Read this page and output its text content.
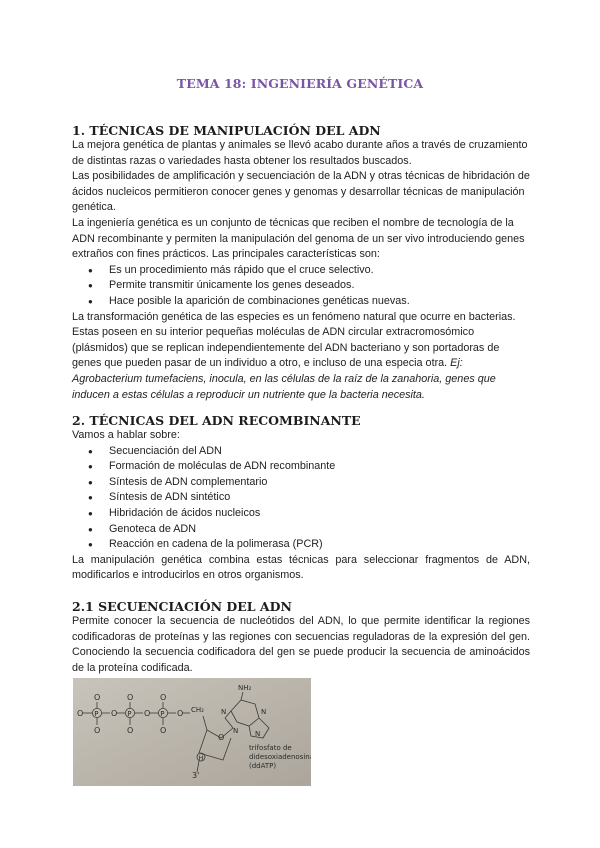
TEMA 18: INGENIERÍA GENÉTICA
1. TÉCNICAS DE MANIPULACIÓN DEL ADN

La mejora genética de plantas y animales se llevó acabo durante años a través de cruzamiento de distintas razas o variedades hasta obtener los resultados buscados.

Las posibilidades de amplificación y secuenciación de la ADN y otras técnicas de hibridación de ácidos nucleicos permitieron conocer genes y genomas y desarrollar técnicas de manipulación genética.

La ingeniería genética es un conjunto de técnicas que reciben el nombre de tecnología de la ADN recombinante y permiten la manipulación del genoma de un ser vivo introduciendo genes extraños con fines prácticos. Las principales características son:

● Es un procedimiento más rápido que el cruce selectivo.
● Permite transmitir únicamente los genes deseados.
● Hace posible la aparición de combinaciones genéticas nuevas.

La transformación genética de las especies es un fenómeno natural que ocurre en bacterias. Estas poseen en su interior pequeñas moléculas de ADN circular extracromosómico (plásmidos) que se replican independientemente del ADN bacteriano y son portadoras de genes que pueden pasar de un individuo a otro, e incluso de una especia otra. Ej: Agrobacterium tumefaciens, inocula, en las células de la raíz de la zanahoria, genes que inducen a estas células a reproducir un nutriente que la bacteria necesita.

2. TÉCNICAS DEL ADN RECOMBINANTE

Vamos a hablar sobre:

● Secuenciación del ADN
● Formación de moléculas de ADN recombinante
● Síntesis de ADN complementario
● Síntesis de ADN sintético
● Hibridación de ácidos nucleicos
● Genoteca de ADN
● Reacción en cadena de la polimerasa (PCR)

La manipulación genética combina estas técnicas para seleccionar fragmentos de ADN, modificarlos e introducirlos en otros organismos.

2.1 SECUENCIACIÓN DEL ADN

Permite conocer la secuencia de nucleótidos del ADN, lo que permite identificar la regiones codificadoras de proteínas y las regiones con secuencias reguladoras de la expresión del gen. Conociendo la secuencia codificadora del gen se puede producir la secuencia de aminoácidos de la proteína codificada.

O
O
O
P O
O
O
P O
O
O
P O CH₂
O
3'
H
NH₂
N
N
N N
trifosfato de
didesoxiadenosina
(ddATP)
